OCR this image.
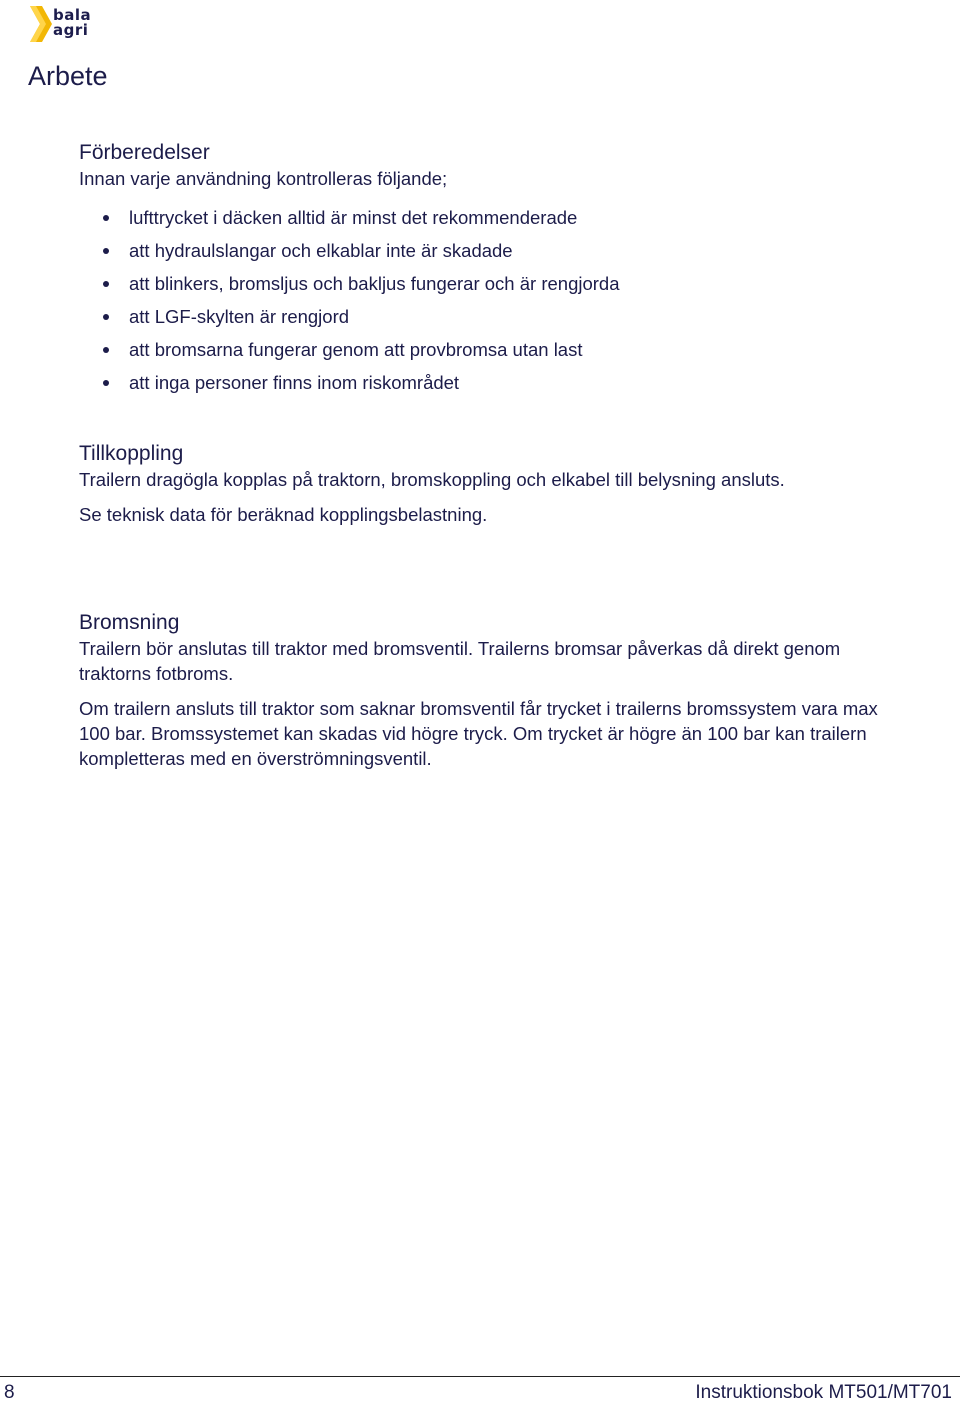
bala
agri
Arbete
Förberedelser

Innan varje användning kontrolleras följande;

lufttrycket i däcken alltid är minst det rekommenderade
att hydraulslangar och elkablar inte är skadade
att blinkers, bromsljus och bakljus fungerar och är rengjorda
att LGF-skylten är rengjord
att bromsarna fungerar genom att provbromsa utan last
att inga personer finns inom riskområdet
Tillkoppling

Trailern dragögla kopplas på traktorn, bromskoppling och elkabel till belysning ansluts.

Se teknisk data för beräknad kopplingsbelastning.

Bromsning

Trailern bör anslutas till traktor med bromsventil. Trailerns bromsar påverkas då direkt genom traktorns fotbroms.

Om trailern ansluts till traktor som saknar bromsventil får trycket i trailerns bromssystem vara max 100 bar. Bromssystemet kan skadas vid högre tryck. Om trycket är högre än 100 bar kan trailern kompletteras med en överströmningsventil.

8	Instruktionsbok MT501/MT701
